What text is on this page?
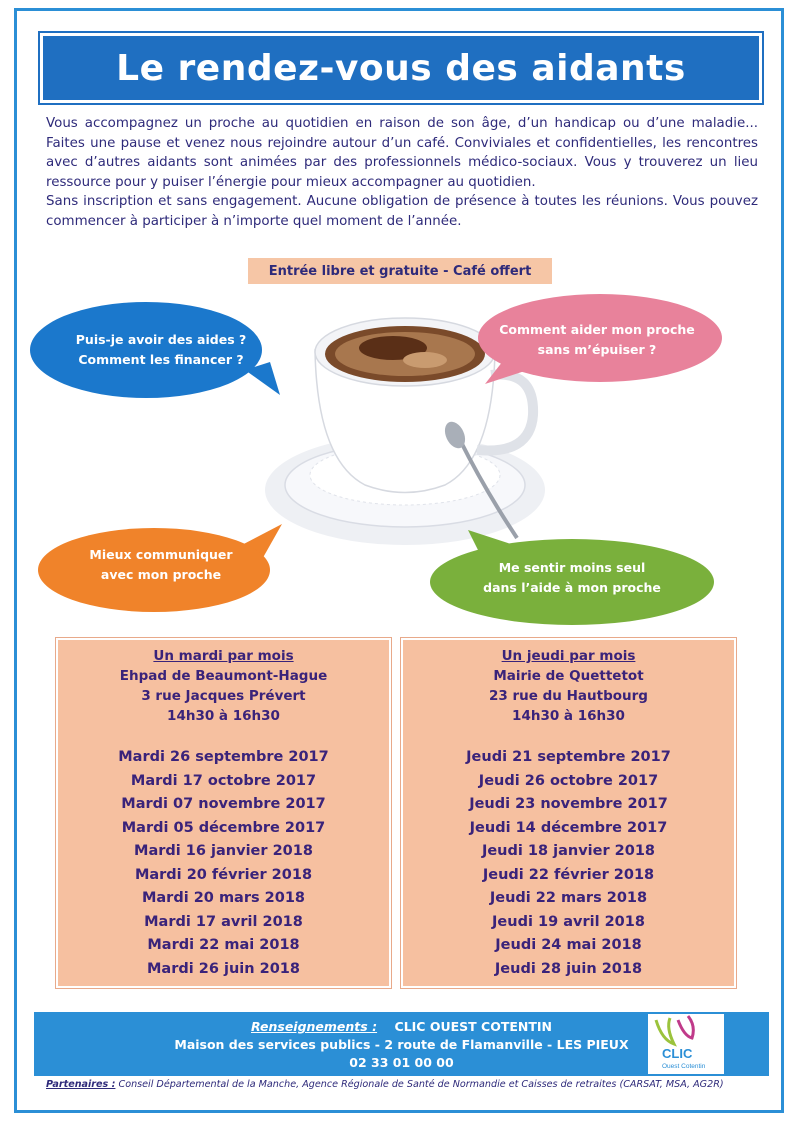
Le rendez-vous des aidants

Vous accompagnez un proche au quotidien en raison de son âge, d’un handicap ou d’une maladie... Faites une pause et venez nous rejoindre autour d’un café. Conviviales et confidentielles, les rencontres avec d’autres aidants sont animées par des professionnels médico-sociaux. Vous y trouverez un lieu ressource pour y puiser l’énergie pour mieux accompagner au quotidien.

Sans inscription et sans engagement. Aucune obligation de présence à toutes les réunions. Vous pouvez commencer à participer à n’importe quel moment de l’année.

Entrée libre et gratuite - Café offert
Puis-je avoir des aides ?
Comment les financer ?
Comment aider mon proche
sans m’épuiser ?
Mieux communiquer
avec mon proche	Me sentir moins seul
dans l’aide à mon proche
Un mardi par mois
Ehpad de Beaumont-Hague
3 rue Jacques Prévert
14h30 à 16h30
Mardi 26 septembre 2017
Mardi 17 octobre 2017
Mardi 07 novembre 2017
Mardi 05 décembre 2017
Mardi 16 janvier 2018
Mardi 20 février 2018
Mardi 20 mars 2018
Mardi 17 avril 2018
Mardi 22 mai 2018
Mardi 26 juin 2018
Un jeudi par mois
Mairie de Quettetot
23 rue du Hautbourg
14h30 à 16h30
Jeudi 21 septembre 2017
Jeudi 26 octobre 2017
Jeudi 23 novembre 2017
Jeudi 14 décembre 2017
Jeudi 18 janvier 2018
Jeudi 22 février 2018
Jeudi 22 mars 2018
Jeudi 19 avril 2018
Jeudi 24 mai 2018
Jeudi 28 juin 2018
Renseignements : CLIC OUEST COTENTIN
Maison des services publics - 2 route de Flamanville - LES PIEUX
02 33 01 00 00
CLIC
Ouest Cotentin
Partenaires : Conseil Départemental de la Manche, Agence Régionale de Santé de Normandie et Caisses de retraites (CARSAT, MSA, AG2R)
